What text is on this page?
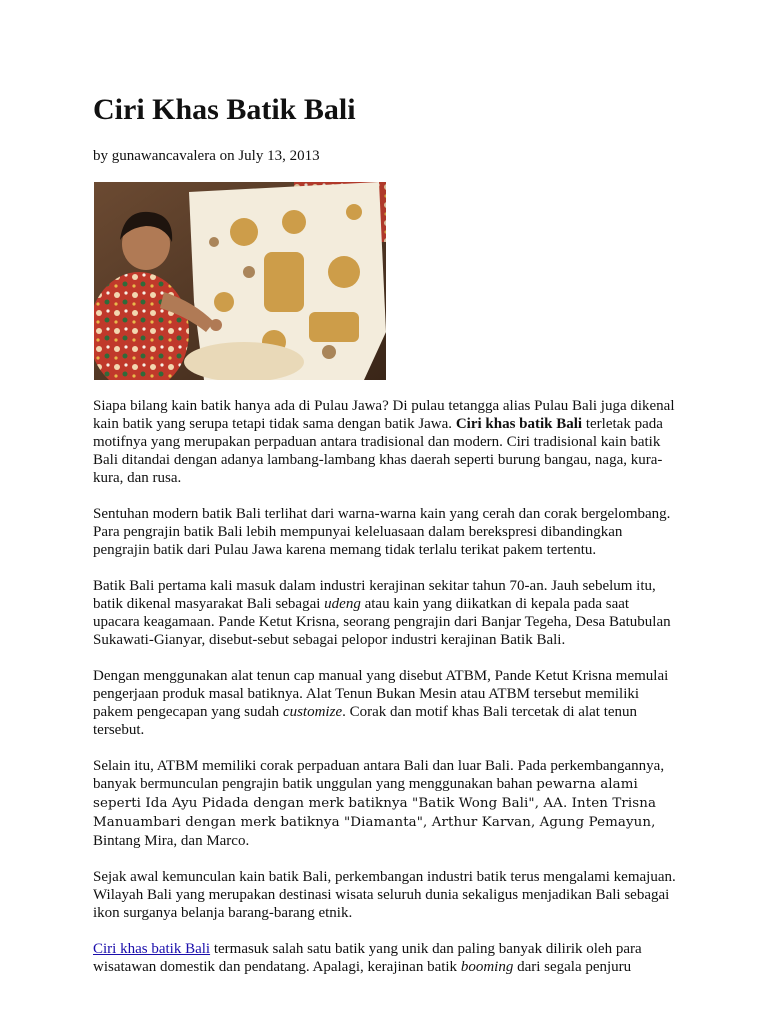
Ciri Khas Batik Bali

by gunawancavalera on July 13, 2013

Siapa bilang kain batik hanya ada di Pulau Jawa? Di pulau tetangga alias Pulau Bali juga dikenal kain batik yang serupa tetapi tidak sama dengan batik Jawa. Ciri khas batik Bali terletak pada motifnya yang merupakan perpaduan antara tradisional dan modern. Ciri tradisional kain batik Bali ditandai dengan adanya lambang-lambang khas daerah seperti burung bangau, naga, kura-kura, dan rusa.

Sentuhan modern batik Bali terlihat dari warna-warna kain yang cerah dan corak bergelombang. Para pengrajin batik Bali lebih mempunyai keleluasaan dalam berekspresi dibandingkan pengrajin batik dari Pulau Jawa karena memang tidak terlalu terikat pakem tertentu.

Batik Bali pertama kali masuk dalam industri kerajinan sekitar tahun 70-an. Jauh sebelum itu, batik dikenal masyarakat Bali sebagai udeng atau kain yang diikatkan di kepala pada saat upacara keagamaan. Pande Ketut Krisna, seorang pengrajin dari Banjar Tegeha, Desa Batubulan Sukawati-Gianyar, disebut-sebut sebagai pelopor industri kerajinan Batik Bali.

Dengan menggunakan alat tenun cap manual yang disebut ATBM, Pande Ketut Krisna memulai pengerjaan produk masal batiknya. Alat Tenun Bukan Mesin atau ATBM tersebut memiliki pakem pengecapan yang sudah customize. Corak dan motif khas Bali tercetak di alat tenun tersebut.

Selain itu, ATBM memiliki corak perpaduan antara Bali dan luar Bali. Pada perkembangannya, banyak bermunculan pengrajin batik unggulan yang menggunakan bahan pewarna alami seperti Ida Ayu Pidada dengan merk batiknya "Batik Wong Bali", AA. Inten Trisna Manuambari dengan merk batiknya "Diamanta", Arthur Karvan, Agung Pemayun, Bintang Mira, dan Marco.

Sejak awal kemunculan kain batik Bali, perkembangan industri batik terus mengalami kemajuan. Wilayah Bali yang merupakan destinasi wisata seluruh dunia sekaligus menjadikan Bali sebagai ikon surganya belanja barang-barang etnik.

Ciri khas batik Bali termasuk salah satu batik yang unik dan paling banyak dilirik oleh para wisatawan domestik dan pendatang. Apalagi, kerajinan batik booming dari segala penjuru
